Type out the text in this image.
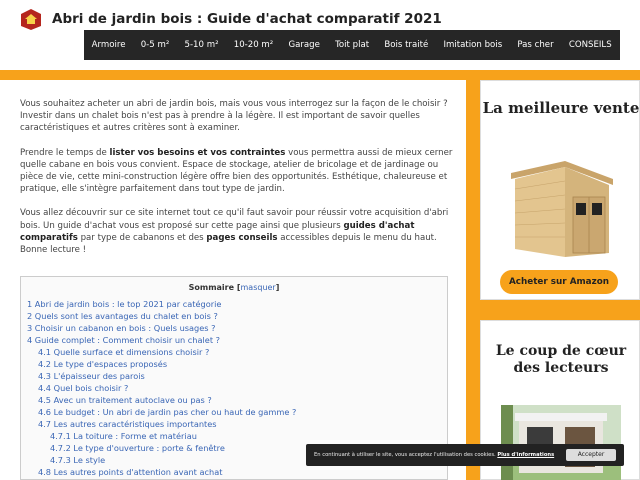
Abri de jardin bois : Guide d'achat comparatif 2021
Armoire	0-5 m²	5-10 m²	10-20 m²	Garage	Toit plat	Bois traité	Imitation bois	Pas cher	CONSEILS

Vous souhaitez acheter un abri de jardin bois, mais vous vous interrogez sur la façon de le choisir ? Investir dans un chalet bois n'est pas à prendre à la légère. Il est important de savoir quelles caractéristiques et autres critères sont à examiner.

Prendre le temps de lister vos besoins et vos contraintes vous permettra aussi de mieux cerner quelle cabane en bois vous convient. Espace de stockage, atelier de bricolage et de jardinage ou pièce de vie, cette mini-construction légère offre bien des opportunités. Esthétique, chaleureuse et pratique, elle s'intègre parfaitement dans tout type de jardin.

Vous allez découvrir sur ce site internet tout ce qu'il faut savoir pour réussir votre acquisition d'abri bois. Un guide d'achat vous est proposé sur cette page ainsi que plusieurs guides d'achat comparatifs par type de cabanons et des pages conseils accessibles depuis le menu du haut. Bonne lecture !

Sommaire [masquer]
1 Abri de jardin bois : le top 2021 par catégorie
2 Quels sont les avantages du chalet en bois ?
3 Choisir un cabanon en bois : Quels usages ?
4 Guide complet : Comment choisir un chalet ?
4.1 Quelle surface et dimensions choisir ?
4.2 Le type d'espaces proposés
4.3 L'épaisseur des parois
4.4 Quel bois choisir ?
4.5 Avec un traitement autoclave ou pas ?
4.6 Le budget : Un abri de jardin pas cher ou haut de gamme ?
4.7 Les autres caractéristiques importantes
4.7.1 La toiture : Forme et matériau
4.7.2 Le type d'ouverture : porte & fenêtre
4.7.3 Le style
4.8 Les autres points d'attention avant achat
La meilleure vente
Acheter sur Amazon
Le coup de cœur des lecteurs
En continuant à utiliser le site, vous acceptez l'utilisation des cookies. Plus d'informations	Accepter
